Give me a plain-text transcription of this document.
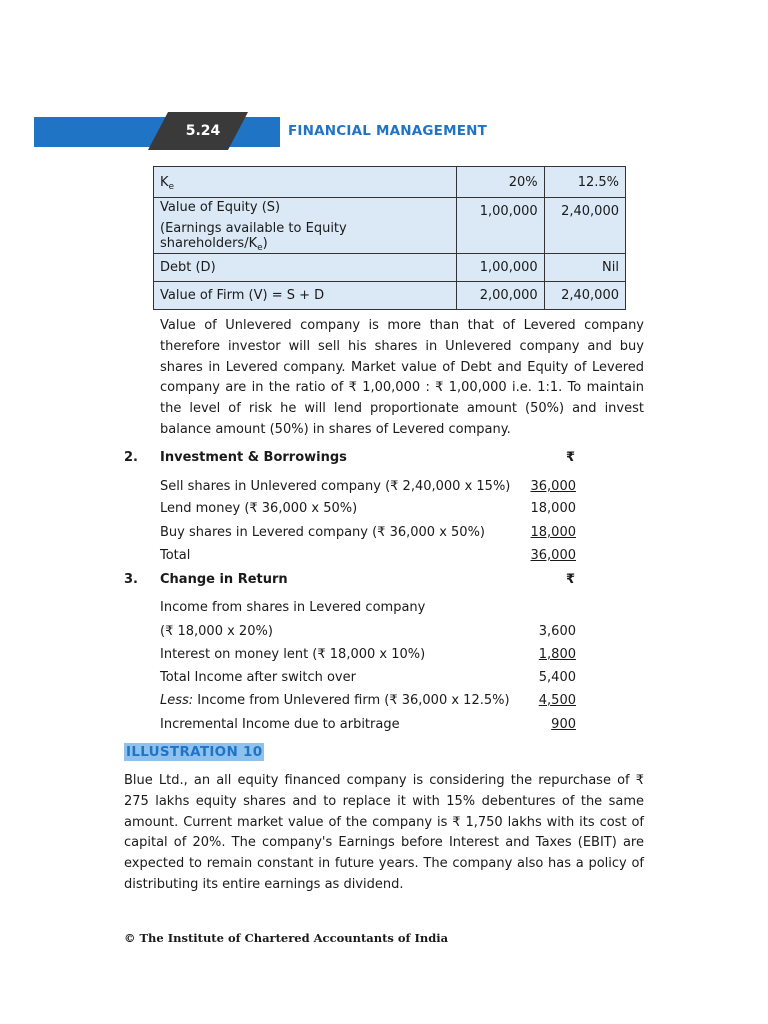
5.24	FINANCIAL MANAGEMENT
$K_e$	20%	12.5%

Value of Equity (S)
(Earnings available to Equity shareholders/$K_e$)	1,00,000	2,40,000
Debt (D)	1,00,000	Nil
Value of Firm (V) = S + D	2,00,000	2,40,000
Value of Unlevered company is more than that of Levered company therefore investor will sell his shares in Unlevered company and buy shares in Levered company. Market value of Debt and Equity of Levered company are in the ratio of ₹ 1,00,000 : ₹ 1,00,000 i.e. 1:1. To maintain the level of risk he will lend proportionate amount (50%) and invest balance amount (50%) in shares of Levered company.
2. Investment & Borrowings	₹
Sell shares in Unlevered company (₹ 2,40,000 x 15%)	36,000
Lend money (₹ 36,000 x 50%)	18,000
Buy shares in Levered company (₹ 36,000 x 50%)	18,000
Total	36,000
3. Change in Return	₹
Income from shares in Levered company
(₹ 18,000 x 20%)	3,600
Interest on money lent (₹ 18,000 x 10%)	1,800
Total Income after switch over	5,400
Less: Income from Unlevered firm (₹ 36,000 x 12.5%)	4,500
Incremental Income due to arbitrage	900
ILLUSTRATION 10
Blue Ltd., an all equity financed company is considering the repurchase of ₹ 275 lakhs equity shares and to replace it with 15% debentures of the same amount. Current market value of the company is ₹ 1,750 lakhs with its cost of capital of 20%. The company's Earnings before Interest and Taxes (EBIT) are expected to remain constant in future years. The company also has a policy of distributing its entire earnings as dividend.
© The Institute of Chartered Accountants of India
